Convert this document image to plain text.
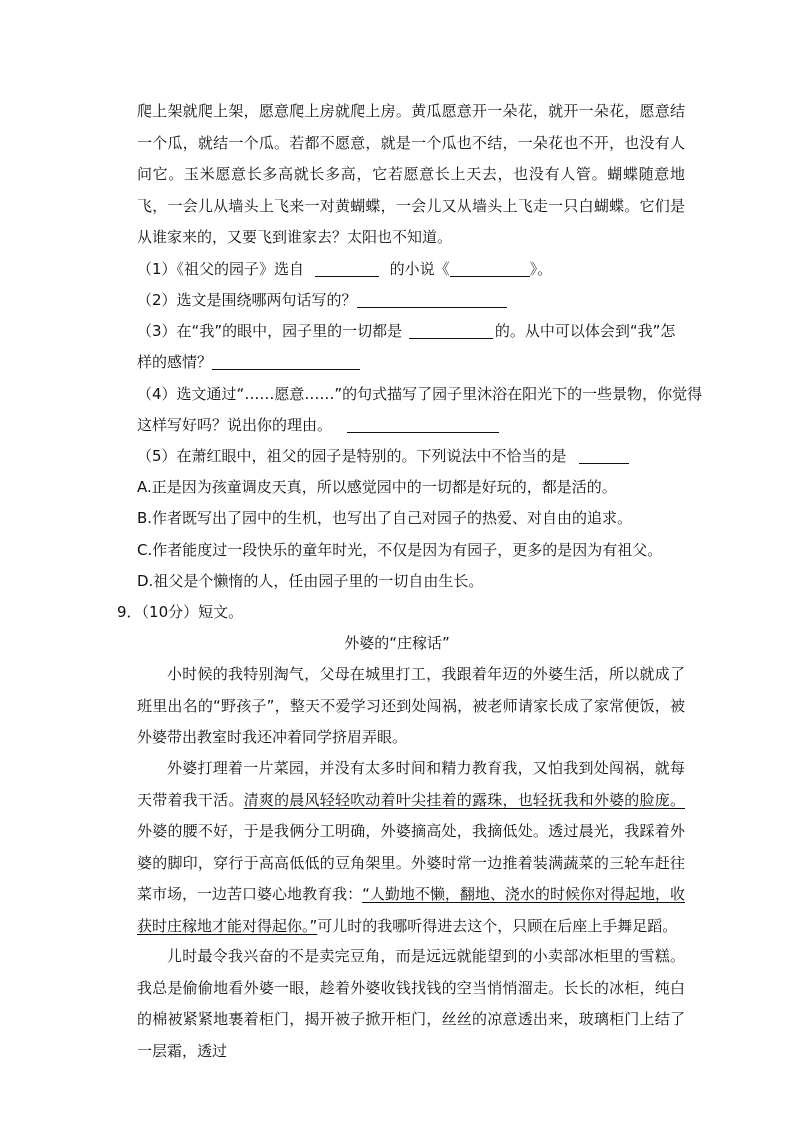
爬上架就爬上架，愿意爬上房就爬上房。黄瓜愿意开一朵花，就开一朵花，愿意结一个瓜，就结一个瓜。若都不愿意，就是一个瓜也不结，一朵花也不开，也没有人问它。玉米愿意长多高就长多高，它若愿意长上天去，也没有人管。蝴蝶随意地飞，一会儿从墙头上飞来一对黄蝴蝶，一会儿又从墙头上飞走一只白蝴蝶。它们是从谁家来的，又要飞到谁家去？太阳也不知道。

（1）《祖父的园子》选自	的小说《	》。
（2）选文是围绕哪两句话写的？
（3）在“我”的眼中，园子里的一切都是	的。从中可以体会到“我”怎
样的感情？
（4）选文通过“……愿意……”的句式描写了园子里沐浴在阳光下的一些景物，你觉得
这样写好吗？说出你的理由。
（5）在萧红眼中，祖父的园子是特别的。下列说法中不恰当的是
A.正是因为孩童调皮天真，所以感觉园中的一切都是好玩的，都是活的。
B.作者既写出了园中的生机，也写出了自己对园子的热爱、对自由的追求。
C.作者能度过一段快乐的童年时光，不仅是因为有园子，更多的是因为有祖父。
D.祖父是个懒惰的人，任由园子里的一切自由生长。
9．（10分）短文。
外婆的“庄稼话”

小时候的我特别淘气，父母在城里打工，我跟着年迈的外婆生活，所以就成了班里出名的“野孩子”，整天不爱学习还到处闯祸，被老师请家长成了家常便饭，被外婆带出教室时我还冲着同学挤眉弄眼。

外婆打理着一片菜园，并没有太多时间和精力教育我，又怕我到处闯祸，就每天带着我干活。清爽的晨风轻轻吹动着叶尖挂着的露珠，也轻抚我和外婆的脸庞。外婆的腰不好，于是我俩分工明确，外婆摘高处，我摘低处。透过晨光，我踩着外婆的脚印，穿行于高高低低的豆角架里。外婆时常一边推着装满蔬菜的三轮车赶往菜市场，一边苦口婆心地教育我：“人勤地不懒，翻地、浇水的时候你对得起地，收获时庄稼地才能对得起你。”可儿时的我哪听得进去这个，只顾在后座上手舞足蹈。

儿时最令我兴奋的不是卖完豆角，而是远远就能望到的小卖部冰柜里的雪糕。我总是偷偷地看外婆一眼，趁着外婆收钱找钱的空当悄悄溜走。长长的冰柜，纯白的棉被紧紧地裹着柜门，揭开被子掀开柜门，丝丝的凉意透出来，玻璃柜门上结了一层霜，透过
